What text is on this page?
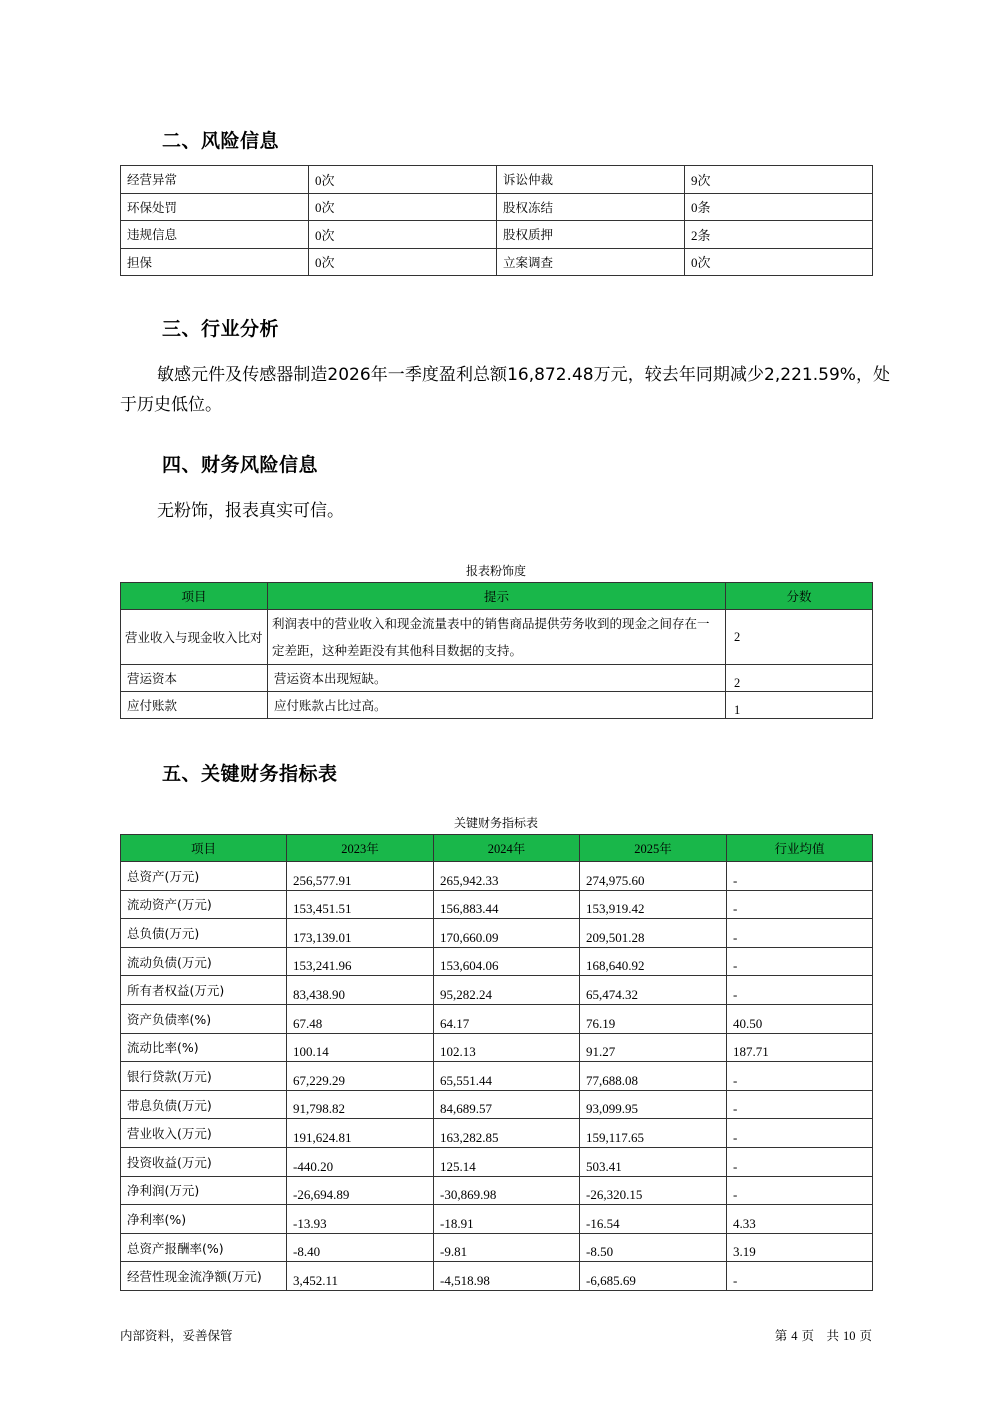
二、风险信息
经营异常	0次	诉讼仲裁	9次
环保处罚	0次	股权冻结	0条
违规信息	0次	股权质押	2条
担保	0次	立案调查	0次
三、行业分析

敏感元件及传感器制造2026年一季度盈利总额16,872.48万元，较去年同期减少2,221.59%，处于历史低位。

四、财务风险信息

无粉饰，报表真实可信。

报表粉饰度
项目	提示	分数
营业收入与现金收入比对	利润表中的营业收入和现金流量表中的销售商品提供劳务收到的现金之间存在一定差距，这种差距没有其他科目数据的支持。	2
营运资本	营运资本出现短缺。	2
应付账款	应付账款占比过高。	1
五、关键财务指标表
关键财务指标表
项目	2023年	2024年	2025年	行业均值
总资产(万元)	256,577.91	265,942.33	274,975.60	-
流动资产(万元)	153,451.51	156,883.44	153,919.42	-
总负债(万元)	173,139.01	170,660.09	209,501.28	-
流动负债(万元)	153,241.96	153,604.06	168,640.92	-
所有者权益(万元)	83,438.90	95,282.24	65,474.32	-
资产负债率(%)	67.48	64.17	76.19	40.50
流动比率(%)	100.14	102.13	91.27	187.71
银行贷款(万元)	67,229.29	65,551.44	77,688.08	-
带息负债(万元)	91,798.82	84,689.57	93,099.95	-
营业收入(万元)	191,624.81	163,282.85	159,117.65	-
投资收益(万元)	-440.20	125.14	503.41	-
净利润(万元)	-26,694.89	-30,869.98	-26,320.15	-
净利率(%)	-13.93	-18.91	-16.54	4.33
总资产报酬率(%)	-8.40	-9.81	-8.50	3.19
经营性现金流净额(万元)	3,452.11	-4,518.98	-6,685.69	-
内部资料，妥善保管	第 4 页　共 10 页
